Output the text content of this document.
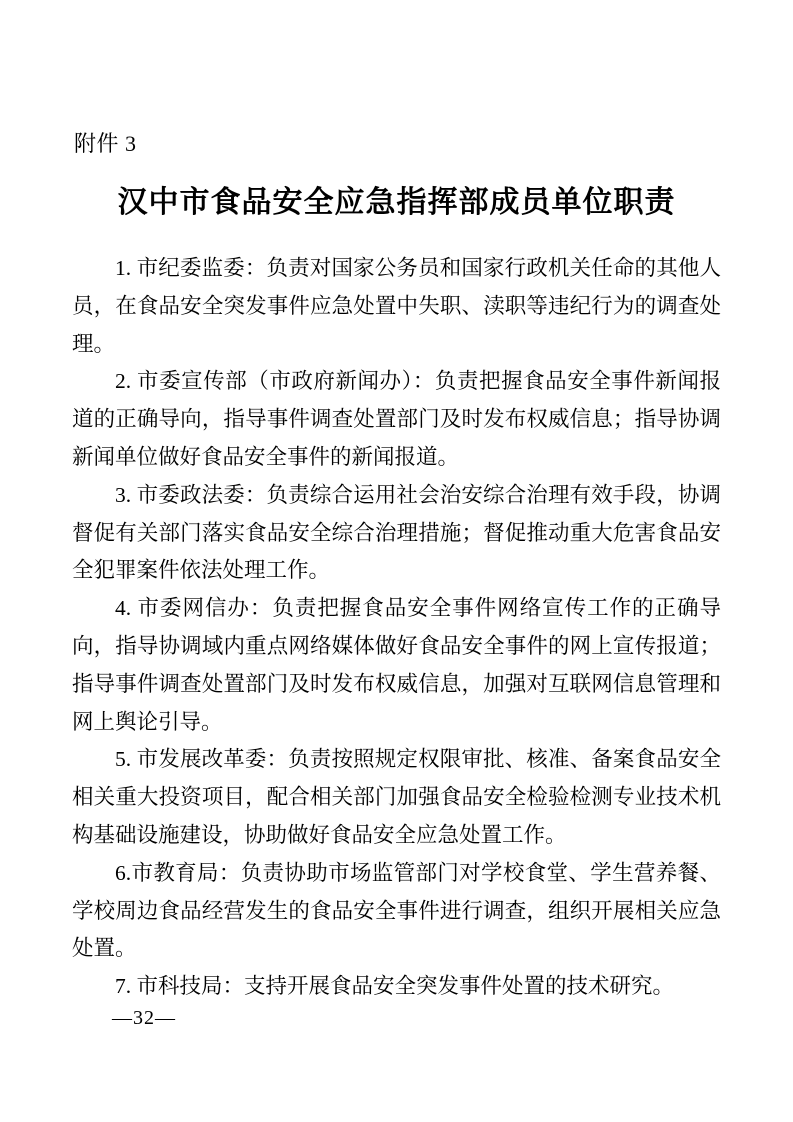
附件 3
汉中市食品安全应急指挥部成员单位职责

1. 市纪委监委：负责对国家公务员和国家行政机关任命的其他人员，在食品安全突发事件应急处置中失职、渎职等违纪行为的调查处理。

2. 市委宣传部（市政府新闻办）：负责把握食品安全事件新闻报道的正确导向，指导事件调查处置部门及时发布权威信息；指导协调新闻单位做好食品安全事件的新闻报道。

3. 市委政法委：负责综合运用社会治安综合治理有效手段，协调督促有关部门落实食品安全综合治理措施；督促推动重大危害食品安全犯罪案件依法处理工作。

4. 市委网信办：负责把握食品安全事件网络宣传工作的正确导向，指导协调域内重点网络媒体做好食品安全事件的网上宣传报道；指导事件调查处置部门及时发布权威信息，加强对互联网信息管理和网上舆论引导。

5. 市发展改革委：负责按照规定权限审批、核准、备案食品安全相关重大投资项目，配合相关部门加强食品安全检验检测专业技术机构基础设施建设，协助做好食品安全应急处置工作。

6.市教育局：负责协助市场监管部门对学校食堂、学生营养餐、学校周边食品经营发生的食品安全事件进行调查，组织开展相关应急处置。

7. 市科技局：支持开展食品安全突发事件处置的技术研究。

—32—
